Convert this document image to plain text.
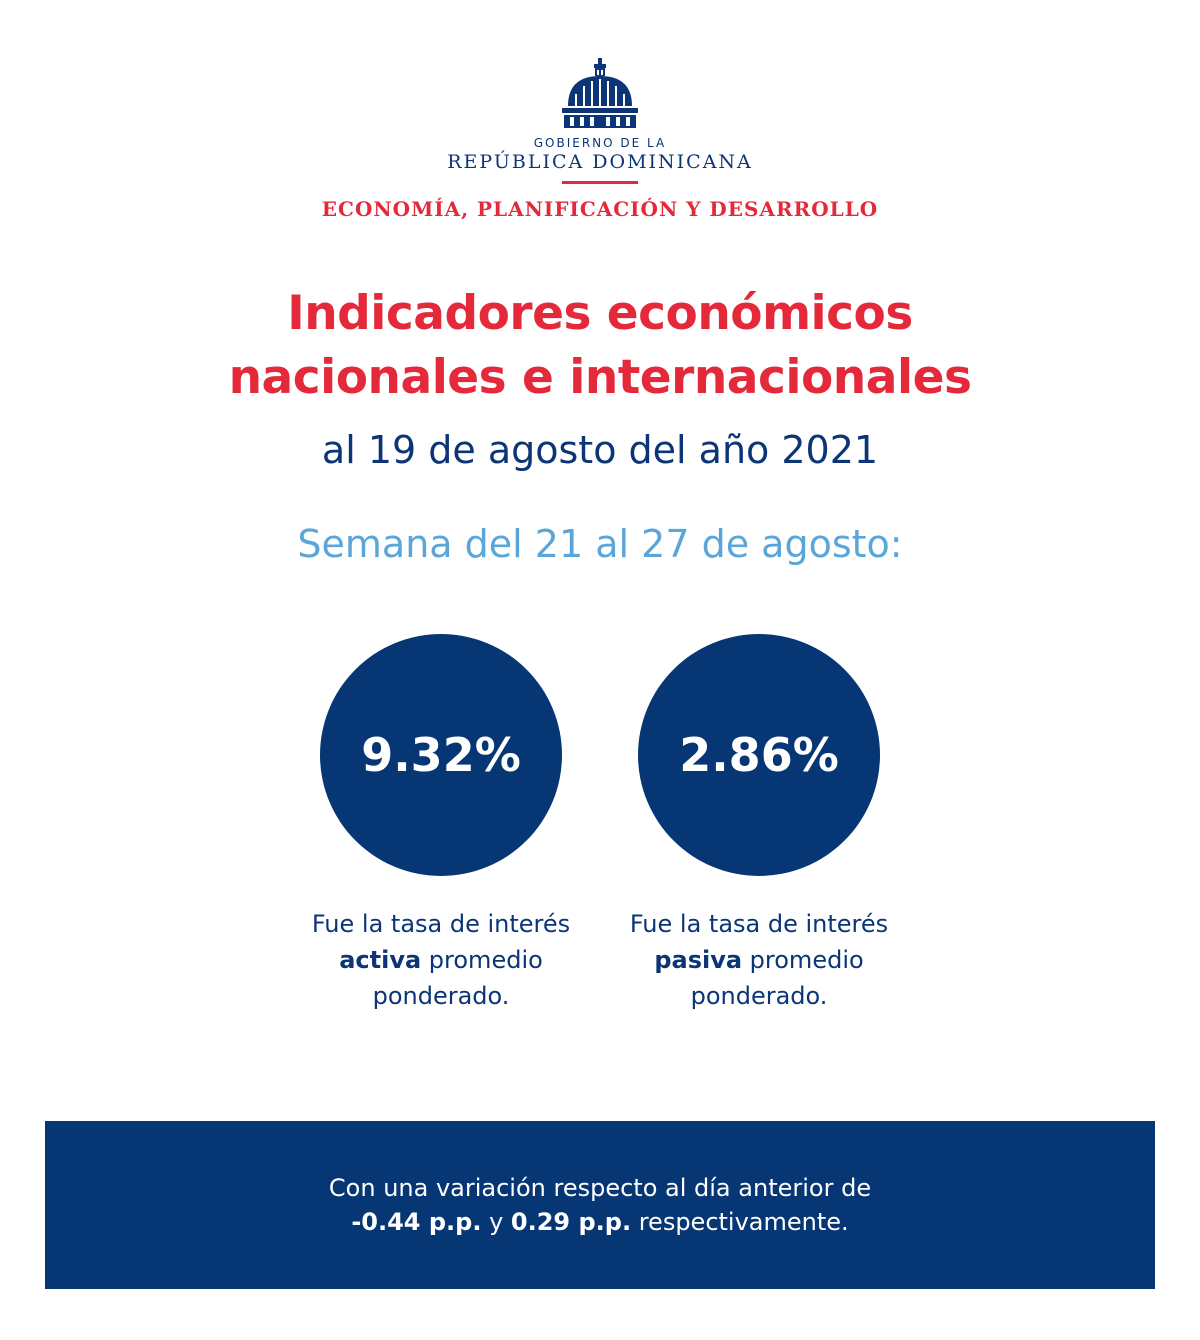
GOBIERNO DE LA
REPÚBLICA DOMINICANA
ECONOMÍA, PLANIFICACIÓN Y DESARROLLO
Indicadores económicos
nacionales e internacionales
al 19 de agosto del año 2021
Semana del 21 al 27 de agosto:
9.32%	2.86%
Fue la tasa de interés
activa promedio
ponderado.
Fue la tasa de interés
pasiva promedio
ponderado.
Con una variación respecto al día anterior de
-0.44 p.p. y 0.29 p.p. respectivamente.
